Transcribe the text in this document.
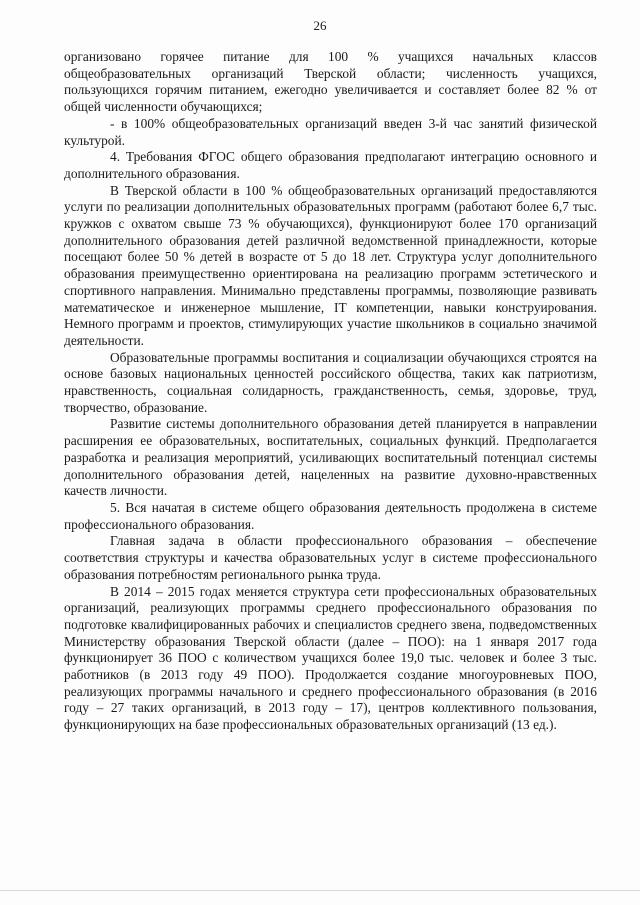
26

организовано горячее питание для 100 % учащихся начальных классов общеобразовательных организаций Тверской области; численность учащихся, пользующихся горячим питанием, ежегодно увеличивается и составляет более 82 % от общей численности обучающихся;

- в 100% общеобразовательных организаций введен 3-й час занятий физической культурой.

4. Требования ФГОС общего образования предполагают интеграцию основного и дополнительного образования.

В Тверской области в 100 % общеобразовательных организаций предоставляются услуги по реализации дополнительных образовательных программ (работают более 6,7 тыс. кружков с охватом свыше 73 % обучающихся), функционируют более 170 организаций дополнительного образования детей различной ведомственной принадлежности, которые посещают более 50 % детей в возрасте от 5 до 18 лет. Структура услуг дополнительного образования преимущественно ориентирована на реализацию программ эстетического и спортивного направления. Минимально представлены программы, позволяющие развивать математическое и инженерное мышление, IT компетенции, навыки конструирования. Немного программ и проектов, стимулирующих участие школьников в социально значимой деятельности.

Образовательные программы воспитания и социализации обучающихся строятся на основе базовых национальных ценностей российского общества, таких как патриотизм, нравственность, социальная солидарность, гражданственность, семья, здоровье, труд, творчество, образование.

Развитие системы дополнительного образования детей планируется в направлении расширения ее образовательных, воспитательных, социальных функций. Предполагается разработка и реализация мероприятий, усиливающих воспитательный потенциал системы дополнительного образования детей, нацеленных на развитие духовно-нравственных качеств личности.

5. Вся начатая в системе общего образования деятельность продолжена в системе профессионального образования.

Главная задача в области профессионального образования – обеспечение соответствия структуры и качества образовательных услуг в системе профессионального образования потребностям регионального рынка труда.

В 2014 – 2015 годах меняется структура сети профессиональных образовательных организаций, реализующих программы среднего профессионального образования по подготовке квалифицированных рабочих и специалистов среднего звена, подведомственных Министерству образования Тверской области (далее – ПОО): на 1 января 2017 года функционирует 36 ПОО с количеством учащихся более 19,0 тыс. человек и более 3 тыс. работников (в 2013 году 49 ПОО). Продолжается создание многоуровневых ПОО, реализующих программы начального и среднего профессионального образования (в 2016 году – 27 таких организаций, в 2013 году – 17), центров коллективного пользования, функционирующих на базе профессиональных образовательных организаций (13 ед.).
